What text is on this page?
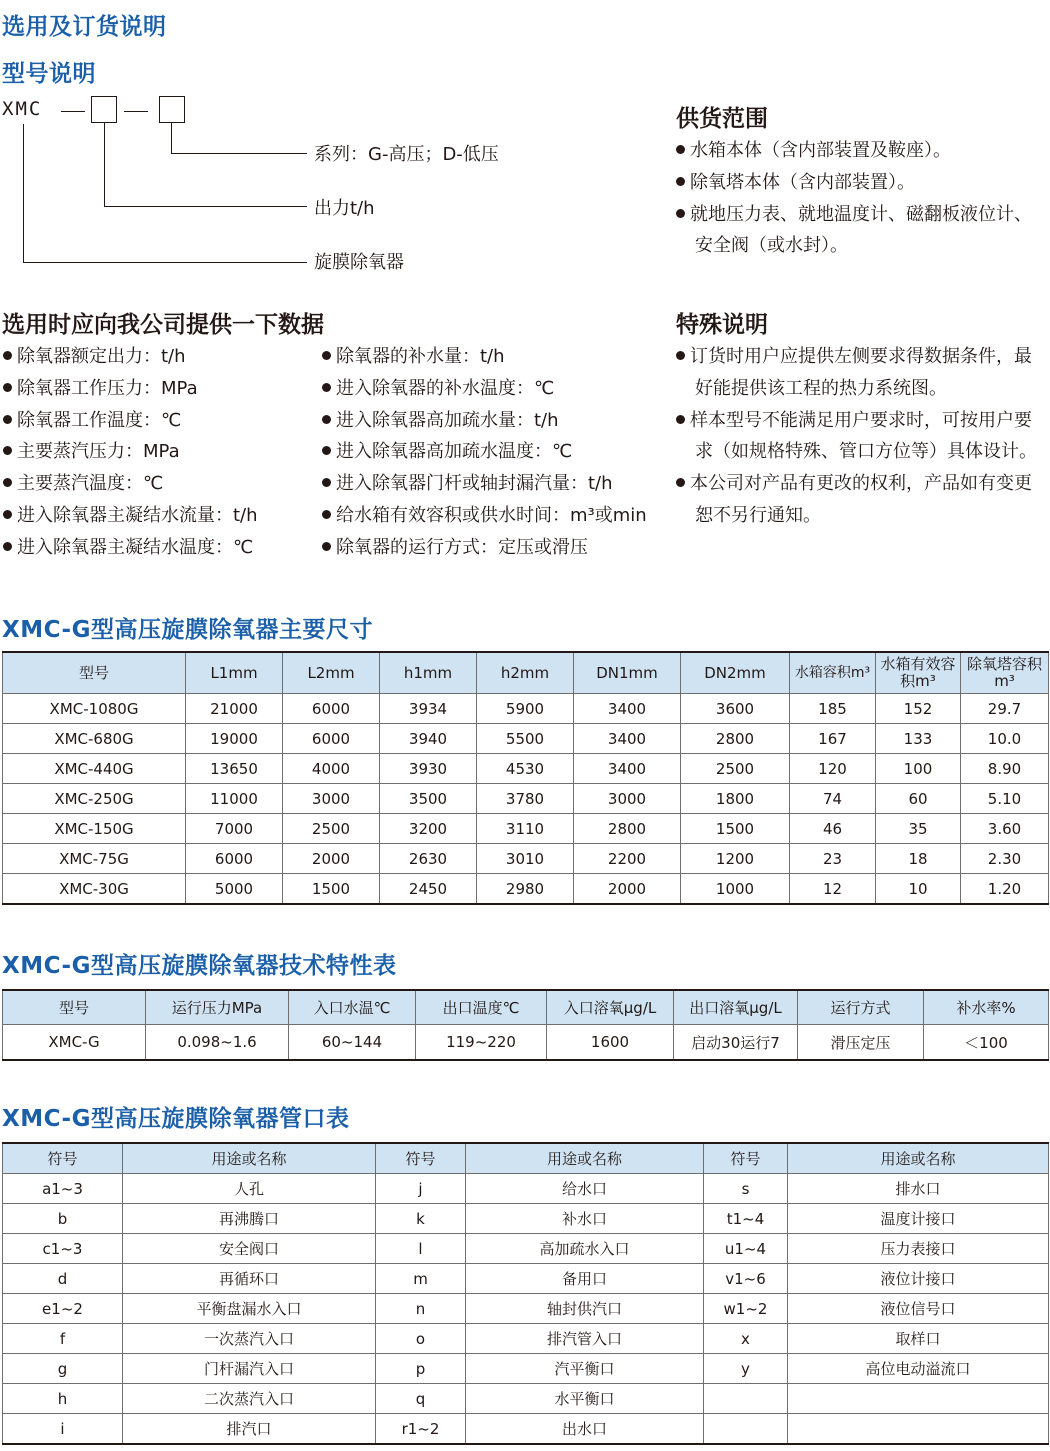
选用及订货说明
型号说明
XMC
系列：G-高压；D-低压
出力t/h
旋膜除氧器
供货范围
水箱本体（含内部装置及鞍座）。
除氧塔本体（含内部装置）。
就地压力表、就地温度计、磁翻板液位计、
安全阀（或水封）。
选用时应向我公司提供一下数据
除氧器额定出力：t/h
除氧器工作压力：MPa
除氧器工作温度：℃
主要蒸汽压力：MPa
主要蒸汽温度：℃
进入除氧器主凝结水流量：t/h
进入除氧器主凝结水温度：℃
除氧器的补水量：t/h
进入除氧器的补水温度：℃
进入除氧器高加疏水量：t/h
进入除氧器高加疏水温度：℃
进入除氧器门杆或轴封漏汽量：t/h
给水箱有效容积或供水时间：m³或min
除氧器的运行方式：定压或滑压
特殊说明
订货时用户应提供左侧要求得数据条件，最
好能提供该工程的热力系统图。
样本型号不能满足用户要求时，可按用户要
求（如规格特殊、管口方位等）具体设计。
本公司对产品有更改的权利，产品如有变更
恕不另行通知。
XMC-G型高压旋膜除氧器主要尺寸
型号	L1mm	L2mm	h1mm	h2mm	DN1mm	DN2mm	水箱容积m³	水箱有效容积m³	除氧塔容积m³
XMC-1080G	21000	6000	3934	5900	3400	3600	185	152	29.7
XMC-680G	19000	6000	3940	5500	3400	2800	167	133	10.0
XMC-440G	13650	4000	3930	4530	3400	2500	120	100	8.90
XMC-250G	11000	3000	3500	3780	3000	1800	74	60	5.10
XMC-150G	7000	2500	3200	3110	2800	1500	46	35	3.60
XMC-75G	6000	2000	2630	3010	2200	1200	23	18	2.30
XMC-30G	5000	1500	2450	2980	2000	1000	12	10	1.20
XMC-G型高压旋膜除氧器技术特性表
型号	运行压力MPa	入口水温℃	出口温度℃	入口溶氧μg/L	出口溶氧μg/L	运行方式	补水率%
XMC-G	0.098~1.6	60~144	119~220	1600	启动30运行7	滑压定压	＜100
XMC-G型高压旋膜除氧器管口表
符号	用途或名称	符号	用途或名称	符号	用途或名称
a1~3	人孔	j	给水口	s	排水口
b	再沸腾口	k	补水口	t1~4	温度计接口
c1~3	安全阀口	l	高加疏水入口	u1~4	压力表接口
d	再循环口	m	备用口	v1~6	液位计接口
e1~2	平衡盘漏水入口	n	轴封供汽口	w1~2	液位信号口
f	一次蒸汽入口	o	排汽管入口	x	取样口
g	门杆漏汽入口	p	汽平衡口	y	高位电动溢流口
h	二次蒸汽入口	q	水平衡口		
i	排汽口	r1~2	出水口		
